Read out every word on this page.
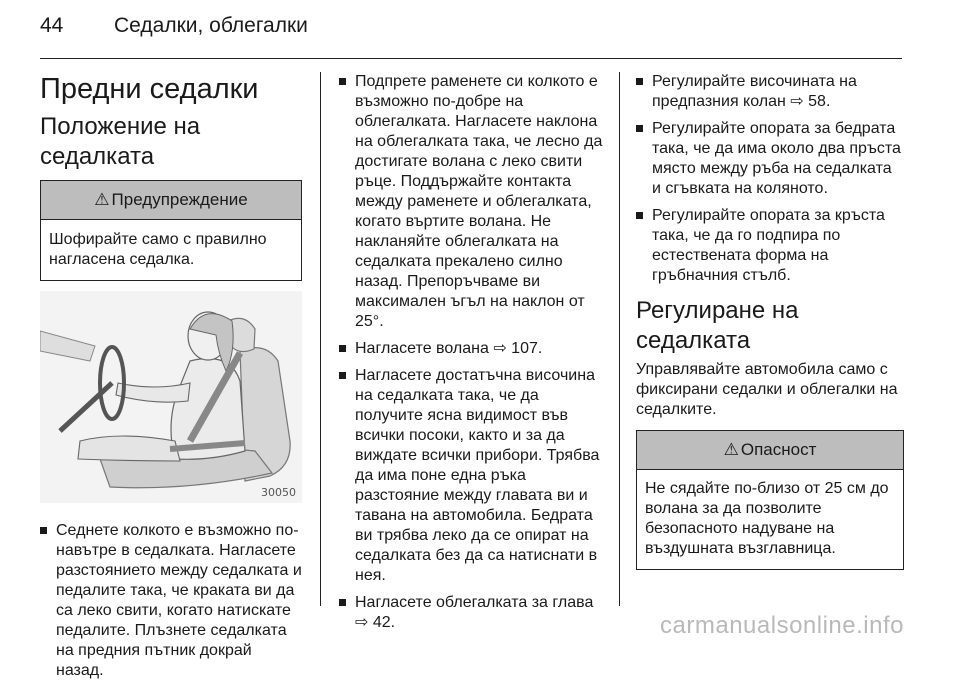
44 Седалки, облегалки
Предни седалки
Положение на седалката
⚠ Предупреждение
Шофирайте само с правилно нагласена седалка.
30050
Седнете колкото е възможно по-навътре в седалката. Нагласете разстоянието между седалката и педалите така, че краката ви да са леко свити, когато натискате педалите. Плъзнете седалката на предния пътник докрай назад.
Подпрете раменете си колкото е възможно по-добре на облегалката. Нагласете наклона на облегалката така, че лесно да достигате волана с леко свити ръце. Поддържайте контакта между раменете и облегалката, когато въртите волана. Не накланяйте облегалката на седалката прекалено силно назад. Препоръчваме ви максимален ъгъл на наклон от 25°.
Нагласете волана ⇨ 107.
Нагласете достатъчна височина на седалката така, че да получите ясна видимост във всички посоки, както и за да виждате всички прибори. Трябва да има поне една ръка разстояние между главата ви и тавана на автомобила. Бедрата ви трябва леко да се опират на седалката без да са натиснати в нея.
Нагласете облегалката за глава ⇨ 42.
Регулирайте височината на предпазния колан ⇨ 58.
Регулирайте опората за бедрата така, че да има около два пръста място между ръба на седалката и сгъвката на коляното.
Регулирайте опората за кръста така, че да го подпира по естествената форма на гръбначния стълб.
Регулиране на седалката

Управлявайте автомобила само с фиксирани седалки и облегалки на седалките.

⚠ Опасност
Не сядайте по-близо от 25 см до волана за да позволите безопасното надуване на въздушната възглавница.
carmanualsonline.info
